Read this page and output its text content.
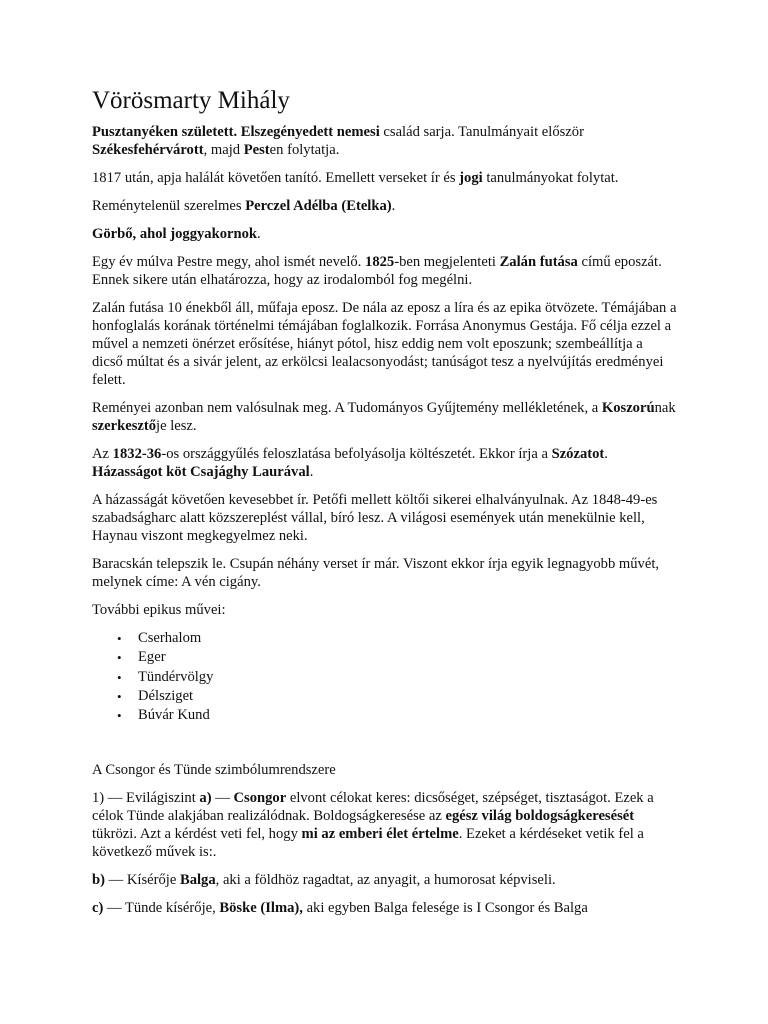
Vörösmarty Mihály

Pusztanyéken született. Elszegényedett nemesi család sarja. Tanulmányait először Székesfehérvárott, majd Pesten folytatja.

1817 után, apja halálát követően tanító. Emellett verseket ír és jogi tanulmányokat folytat.

Reménytelenül szerelmes Perczel Adélba (Etelka).

Görbő, ahol joggyakornok.

Egy év múlva Pestre megy, ahol ismét nevelő. 1825-ben megjelenteti Zalán futása című eposzát. Ennek sikere után elhatározza, hogy az irodalomból fog megélni.

Zalán futása 10 énekből áll, műfaja eposz. De nála az eposz a líra és az epika ötvözete. Témájában a honfoglalás korának történelmi témájában foglalkozik. Forrása Anonymus Gestája. Fő célja ezzel a művel a nemzeti önérzet erősítése, hiányt pótol, hisz eddig nem volt eposzunk; szembeállítja a dicső múltat és a sivár jelent, az erkölcsi lealacsonyodást; tanúságot tesz a nyelvújítás eredményei felett.

Reményei azonban nem valósulnak meg. A Tudományos Gyűjtemény mellékletének, a Koszorúnak szerkesztője lesz.

Az 1832-36-os országgyűlés feloszlatása befolyásolja költészetét. Ekkor írja a Szózatot. Házasságot köt Csajághy Laurával.

A házasságát követően kevesebbet ír. Petőfi mellett költői sikerei elhalványulnak. Az 1848-49-es szabadságharc alatt közszereplést vállal, bíró lesz. A világosi események után menekülnie kell, Haynau viszont megkegyelmez neki.

Baracskán telepszik le. Csupán néhány verset ír már. Viszont ekkor írja egyik legnagyobb művét, melynek címe: A vén cigány.

További epikus művei:

• Cserhalom
• Eger
• Tündérvölgy
• Délsziget
• Búvár Kund

A Csongor és Tünde szimbólumrendszere

1) — Evilágiszint a) — Csongor elvont célokat keres: dicsőséget, szépséget, tisztaságot. Ezek a célok Tünde alakjában realizálódnak. Boldogságkeresése az egész világ boldogságkeresését tükrözi. Azt a kérdést veti fel, hogy mi az emberi élet értelme. Ezeket a kérdéseket vetik fel a következő művek is:.

b) — Kísérője Balga, aki a földhöz ragadtat, az anyagit, a humorosat képviseli.

c) — Tünde kísérője, Böske (Ilma), aki egyben Balga felesége is I Csongor és Balga
